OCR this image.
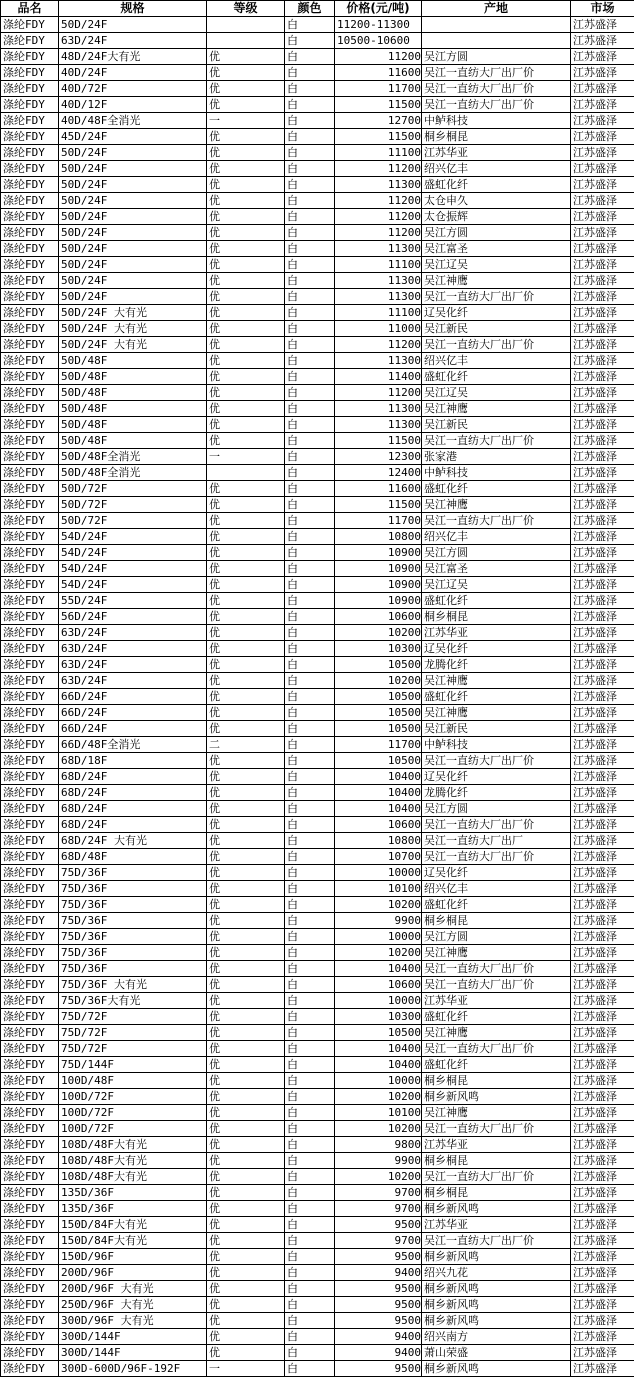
品名	规格	等级	颜色	价格(元/吨)	产地	市场
涤纶FDY	50D/24F		白	11200-11300		江苏盛泽
涤纶FDY	63D/24F		白	10500-10600		江苏盛泽
涤纶FDY	48D/24F大有光	优	白	11200	吴江方圆	江苏盛泽
涤纶FDY	40D/24F	优	白	11600	吴江一直纺大厂出厂价	江苏盛泽
涤纶FDY	40D/72F	优	白	11700	吴江一直纺大厂出厂价	江苏盛泽
涤纶FDY	40D/12F	优	白	11500	吴江一直纺大厂出厂价	江苏盛泽
涤纶FDY	40D/48F全消光	一	白	12700	中鲈科技	江苏盛泽
涤纶FDY	45D/24F	优	白	11500	桐乡桐昆	江苏盛泽
涤纶FDY	50D/24F	优	白	11100	江苏华亚	江苏盛泽
涤纶FDY	50D/24F	优	白	11200	绍兴亿丰	江苏盛泽
涤纶FDY	50D/24F	优	白	11300	盛虹化纤	江苏盛泽
涤纶FDY	50D/24F	优	白	11200	太仓申久	江苏盛泽
涤纶FDY	50D/24F	优	白	11200	太仓振辉	江苏盛泽
涤纶FDY	50D/24F	优	白	11200	吴江方圆	江苏盛泽
涤纶FDY	50D/24F	优	白	11300	吴江富圣	江苏盛泽
涤纶FDY	50D/24F	优	白	11100	吴江辽吴	江苏盛泽
涤纶FDY	50D/24F	优	白	11300	吴江神鹰	江苏盛泽
涤纶FDY	50D/24F	优	白	11300	吴江一直纺大厂出厂价	江苏盛泽
涤纶FDY	50D/24F 大有光	优	白	11100	辽吴化纤	江苏盛泽
涤纶FDY	50D/24F 大有光	优	白	11000	吴江新民	江苏盛泽
涤纶FDY	50D/24F 大有光	优	白	11200	吴江一直纺大厂出厂价	江苏盛泽
涤纶FDY	50D/48F	优	白	11300	绍兴亿丰	江苏盛泽
涤纶FDY	50D/48F	优	白	11400	盛虹化纤	江苏盛泽
涤纶FDY	50D/48F	优	白	11200	吴江辽吴	江苏盛泽
涤纶FDY	50D/48F	优	白	11300	吴江神鹰	江苏盛泽
涤纶FDY	50D/48F	优	白	11300	吴江新民	江苏盛泽
涤纶FDY	50D/48F	优	白	11500	吴江一直纺大厂出厂价	江苏盛泽
涤纶FDY	50D/48F全消光	一	白	12300	张家港	江苏盛泽
涤纶FDY	50D/48F全消光		白	12400	中鲈科技	江苏盛泽
涤纶FDY	50D/72F	优	白	11600	盛虹化纤	江苏盛泽
涤纶FDY	50D/72F	优	白	11500	吴江神鹰	江苏盛泽
涤纶FDY	50D/72F	优	白	11700	吴江一直纺大厂出厂价	江苏盛泽
涤纶FDY	54D/24F	优	白	10800	绍兴亿丰	江苏盛泽
涤纶FDY	54D/24F	优	白	10900	吴江方圆	江苏盛泽
涤纶FDY	54D/24F	优	白	10900	吴江富圣	江苏盛泽
涤纶FDY	54D/24F	优	白	10900	吴江辽吴	江苏盛泽
涤纶FDY	55D/24F	优	白	10900	盛虹化纤	江苏盛泽
涤纶FDY	56D/24F	优	白	10600	桐乡桐昆	江苏盛泽
涤纶FDY	63D/24F	优	白	10200	江苏华亚	江苏盛泽
涤纶FDY	63D/24F	优	白	10300	辽吴化纤	江苏盛泽
涤纶FDY	63D/24F	优	白	10500	龙腾化纤	江苏盛泽
涤纶FDY	63D/24F	优	白	10200	吴江神鹰	江苏盛泽
涤纶FDY	66D/24F	优	白	10500	盛虹化纤	江苏盛泽
涤纶FDY	66D/24F	优	白	10500	吴江神鹰	江苏盛泽
涤纶FDY	66D/24F	优	白	10500	吴江新民	江苏盛泽
涤纶FDY	66D/48F全消光	二	白	11700	中鲈科技	江苏盛泽
涤纶FDY	68D/18F	优	白	10500	吴江一直纺大厂出厂价	江苏盛泽
涤纶FDY	68D/24F	优	白	10400	辽吴化纤	江苏盛泽
涤纶FDY	68D/24F	优	白	10400	龙腾化纤	江苏盛泽
涤纶FDY	68D/24F	优	白	10400	吴江方圆	江苏盛泽
涤纶FDY	68D/24F	优	白	10600	吴江一直纺大厂出厂价	江苏盛泽
涤纶FDY	68D/24F 大有光	优	白	10800	吴江一直纺大厂出厂	江苏盛泽
涤纶FDY	68D/48F	优	白	10700	吴江一直纺大厂出厂价	江苏盛泽
涤纶FDY	75D/36F	优	白	10000	辽吴化纤	江苏盛泽
涤纶FDY	75D/36F	优	白	10100	绍兴亿丰	江苏盛泽
涤纶FDY	75D/36F	优	白	10200	盛虹化纤	江苏盛泽
涤纶FDY	75D/36F	优	白	9900	桐乡桐昆	江苏盛泽
涤纶FDY	75D/36F	优	白	10000	吴江方圆	江苏盛泽
涤纶FDY	75D/36F	优	白	10200	吴江神鹰	江苏盛泽
涤纶FDY	75D/36F	优	白	10400	吴江一直纺大厂出厂价	江苏盛泽
涤纶FDY	75D/36F 大有光	优	白	10600	吴江一直纺大厂出厂价	江苏盛泽
涤纶FDY	75D/36F大有光	优	白	10000	江苏华亚	江苏盛泽
涤纶FDY	75D/72F	优	白	10300	盛虹化纤	江苏盛泽
涤纶FDY	75D/72F	优	白	10500	吴江神鹰	江苏盛泽
涤纶FDY	75D/72F	优	白	10400	吴江一直纺大厂出厂价	江苏盛泽
涤纶FDY	75D/144F	优	白	10400	盛虹化纤	江苏盛泽
涤纶FDY	100D/48F	优	白	10000	桐乡桐昆	江苏盛泽
涤纶FDY	100D/72F	优	白	10200	桐乡新风鸣	江苏盛泽
涤纶FDY	100D/72F	优	白	10100	吴江神鹰	江苏盛泽
涤纶FDY	100D/72F	优	白	10200	吴江一直纺大厂出厂价	江苏盛泽
涤纶FDY	108D/48F大有光	优	白	9800	江苏华亚	江苏盛泽
涤纶FDY	108D/48F大有光	优	白	9900	桐乡桐昆	江苏盛泽
涤纶FDY	108D/48F大有光	优	白	10200	吴江一直纺大厂出厂价	江苏盛泽
涤纶FDY	135D/36F	优	白	9700	桐乡桐昆	江苏盛泽
涤纶FDY	135D/36F	优	白	9700	桐乡新风鸣	江苏盛泽
涤纶FDY	150D/84F大有光	优	白	9500	江苏华亚	江苏盛泽
涤纶FDY	150D/84F大有光	优	白	9700	吴江一直纺大厂出厂价	江苏盛泽
涤纶FDY	150D/96F	优	白	9500	桐乡新风鸣	江苏盛泽
涤纶FDY	200D/96F	优	白	9400	绍兴九花	江苏盛泽
涤纶FDY	200D/96F 大有光	优	白	9500	桐乡新风鸣	江苏盛泽
涤纶FDY	250D/96F 大有光	优	白	9500	桐乡新风鸣	江苏盛泽
涤纶FDY	300D/96F 大有光	优	白	9500	桐乡新风鸣	江苏盛泽
涤纶FDY	300D/144F	优	白	9400	绍兴南方	江苏盛泽
涤纶FDY	300D/144F	优	白	9400	萧山荣盛	江苏盛泽
涤纶FDY	300D-600D/96F-192F	一	白	9500	桐乡新风鸣	江苏盛泽
